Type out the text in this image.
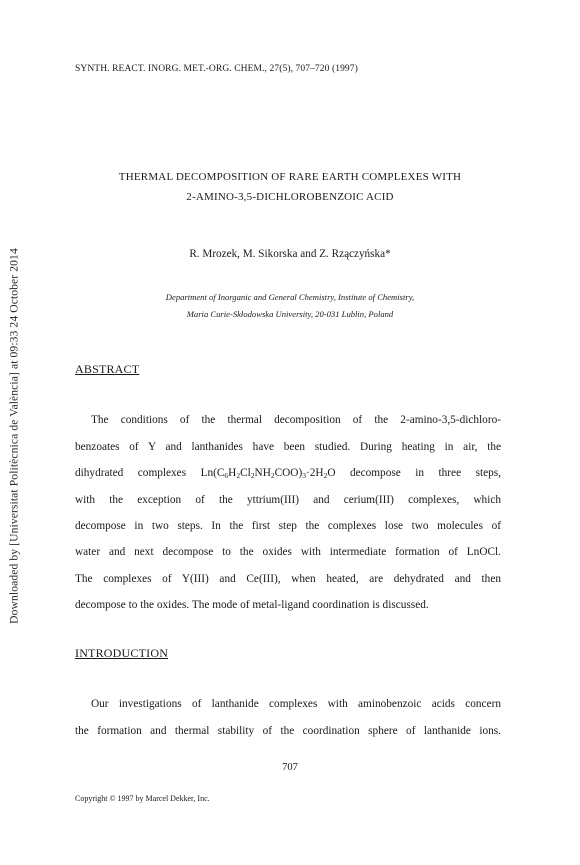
Downloaded by [Universitat Politècnica de València] at 09:33 24 October 2014
SYNTH. REACT. INORG. MET.-ORG. CHEM., 27(5), 707–720 (1997)
THERMAL DECOMPOSITION OF RARE EARTH COMPLEXES WITH
2-AMINO-3,5-DICHLOROBENZOIC ACID
R. Mrozek, M. Sikorska and Z. Rzączyńska*
Department of Inorganic and General Chemistry, Institute of Chemistry,
Maria Curie-Skłodowska University, 20-031 Lublin, Poland
ABSTRACT
The conditions of the thermal decomposition of the 2-amino-3,5-dichloro-
benzoates of Y and lanthanides have been studied. During heating in air, the
dihydrated complexes $Ln(C_6H_2Cl_2NH_2COO)_3\cdot 2H_2O$ decompose in three steps,
with the exception of the yttrium(III) and cerium(III) complexes, which
decompose in two steps. In the first step the complexes lose two molecules of
water and next decompose to the oxides with intermediate formation of LnOCl.
The complexes of Y(III) and Ce(III), when heated, are dehydrated and then
decompose to the oxides. The mode of metal-ligand coordination is discussed.
INTRODUCTION
Our investigations of lanthanide complexes with aminobenzoic acids concern
the formation and thermal stability of the coordination sphere of lanthanide ions.
707
Copyright © 1997 by Marcel Dekker, Inc.
